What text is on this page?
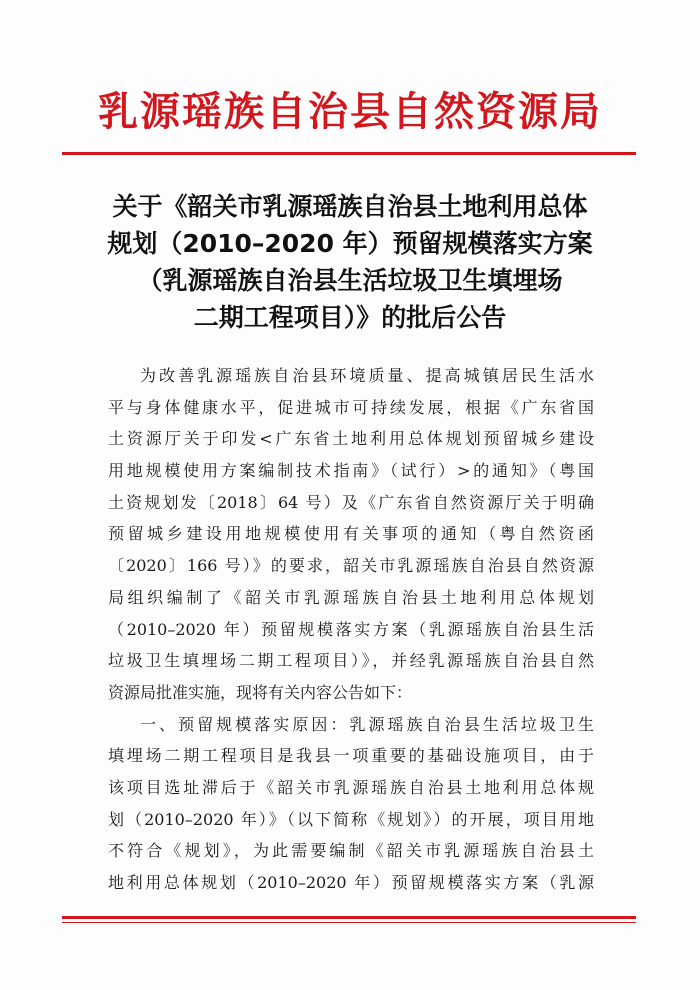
乳源瑶族自治县自然资源局
关于《韶关市乳源瑶族自治县土地利用总体
规划（2010–2020 年）预留规模落实方案
（乳源瑶族自治县生活垃圾卫生填埋场
二期工程项目）》的批后公告
为改善乳源瑶族自治县环境质量、提高城镇居民生活水
平与身体健康水平，促进城市可持续发展，根据《广东省国
土资源厅关于印发<广东省土地利用总体规划预留城乡建设
用地规模使用方案编制技术指南》（试行）>的通知》（粤国
土资规划发〔2018〕64 号）及《广东省自然资源厅关于明确
预留城乡建设用地规模使用有关事项的通知（粤自然资函
〔2020〕166 号）》的要求，韶关市乳源瑶族自治县自然资源
局组织编制了《韶关市乳源瑶族自治县土地利用总体规划
（2010–2020 年）预留规模落实方案（乳源瑶族自治县生活
垃圾卫生填埋场二期工程项目）》，并经乳源瑶族自治县自然
资源局批准实施，现将有关内容公告如下：
一、预留规模落实原因：乳源瑶族自治县生活垃圾卫生
填埋场二期工程项目是我县一项重要的基础设施项目，由于
该项目选址滞后于《韶关市乳源瑶族自治县土地利用总体规
划（2010–2020 年）》（以下简称《规划》）的开展，项目用地
不符合《规划》，为此需要编制《韶关市乳源瑶族自治县土
地利用总体规划（2010–2020 年）预留规模落实方案（乳源
